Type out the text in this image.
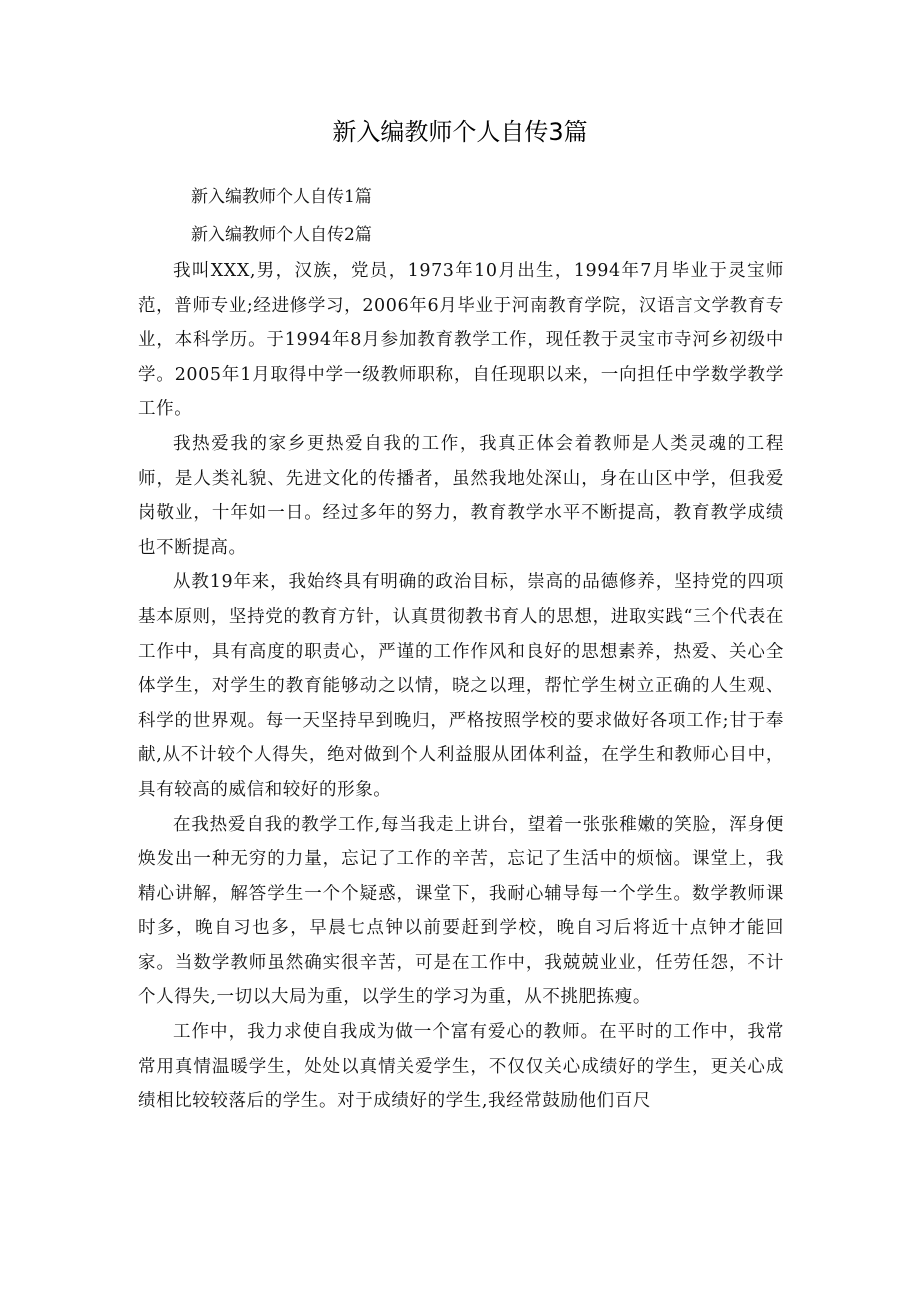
新入编教师个人自传3篇
新入编教师个人自传1篇
新入编教师个人自传2篇

我叫XXX,男，汉族，党员，1973年10月出生，1994年7月毕业于灵宝师范，普师专业;经进修学习，2006年6月毕业于河南教育学院，汉语言文学教育专业，本科学历。于1994年8月参加教育教学工作，现任教于灵宝市寺河乡初级中学。2005年1月取得中学一级教师职称，自任现职以来，一向担任中学数学教学工作。

我热爱我的家乡更热爱自我的工作，我真正体会着教师是人类灵魂的工程师，是人类礼貌、先进文化的传播者，虽然我地处深山，身在山区中学，但我爱岗敬业，十年如一日。经过多年的努力，教育教学水平不断提高，教育教学成绩也不断提高。

从教19年来，我始终具有明确的政治目标，崇高的品德修养，坚持党的四项基本原则，坚持党的教育方针，认真贯彻教书育人的思想，进取实践“三个代表在工作中，具有高度的职责心，严谨的工作作风和良好的思想素养，热爱、关心全体学生，对学生的教育能够动之以情，晓之以理，帮忙学生树立正确的人生观、科学的世界观。每一天坚持早到晚归，严格按照学校的要求做好各项工作;甘于奉献,从不计较个人得失，绝对做到个人利益服从团体利益，在学生和教师心目中，具有较高的威信和较好的形象。

在我热爱自我的教学工作,每当我走上讲台，望着一张张稚嫩的笑脸，浑身便焕发出一种无穷的力量，忘记了工作的辛苦，忘记了生活中的烦恼。课堂上，我精心讲解，解答学生一个个疑惑，课堂下，我耐心辅导每一个学生。数学教师课时多，晚自习也多，早晨七点钟以前要赶到学校，晚自习后将近十点钟才能回家。当数学教师虽然确实很辛苦，可是在工作中，我兢兢业业，任劳任怨，不计个人得失,一切以大局为重，以学生的学习为重，从不挑肥拣瘦。

工作中，我力求使自我成为做一个富有爱心的教师。在平时的工作中，我常常用真情温暖学生，处处以真情关爱学生，不仅仅关心成绩好的学生，更关心成绩相比较较落后的学生。对于成绩好的学生,我经常鼓励他们百尺
